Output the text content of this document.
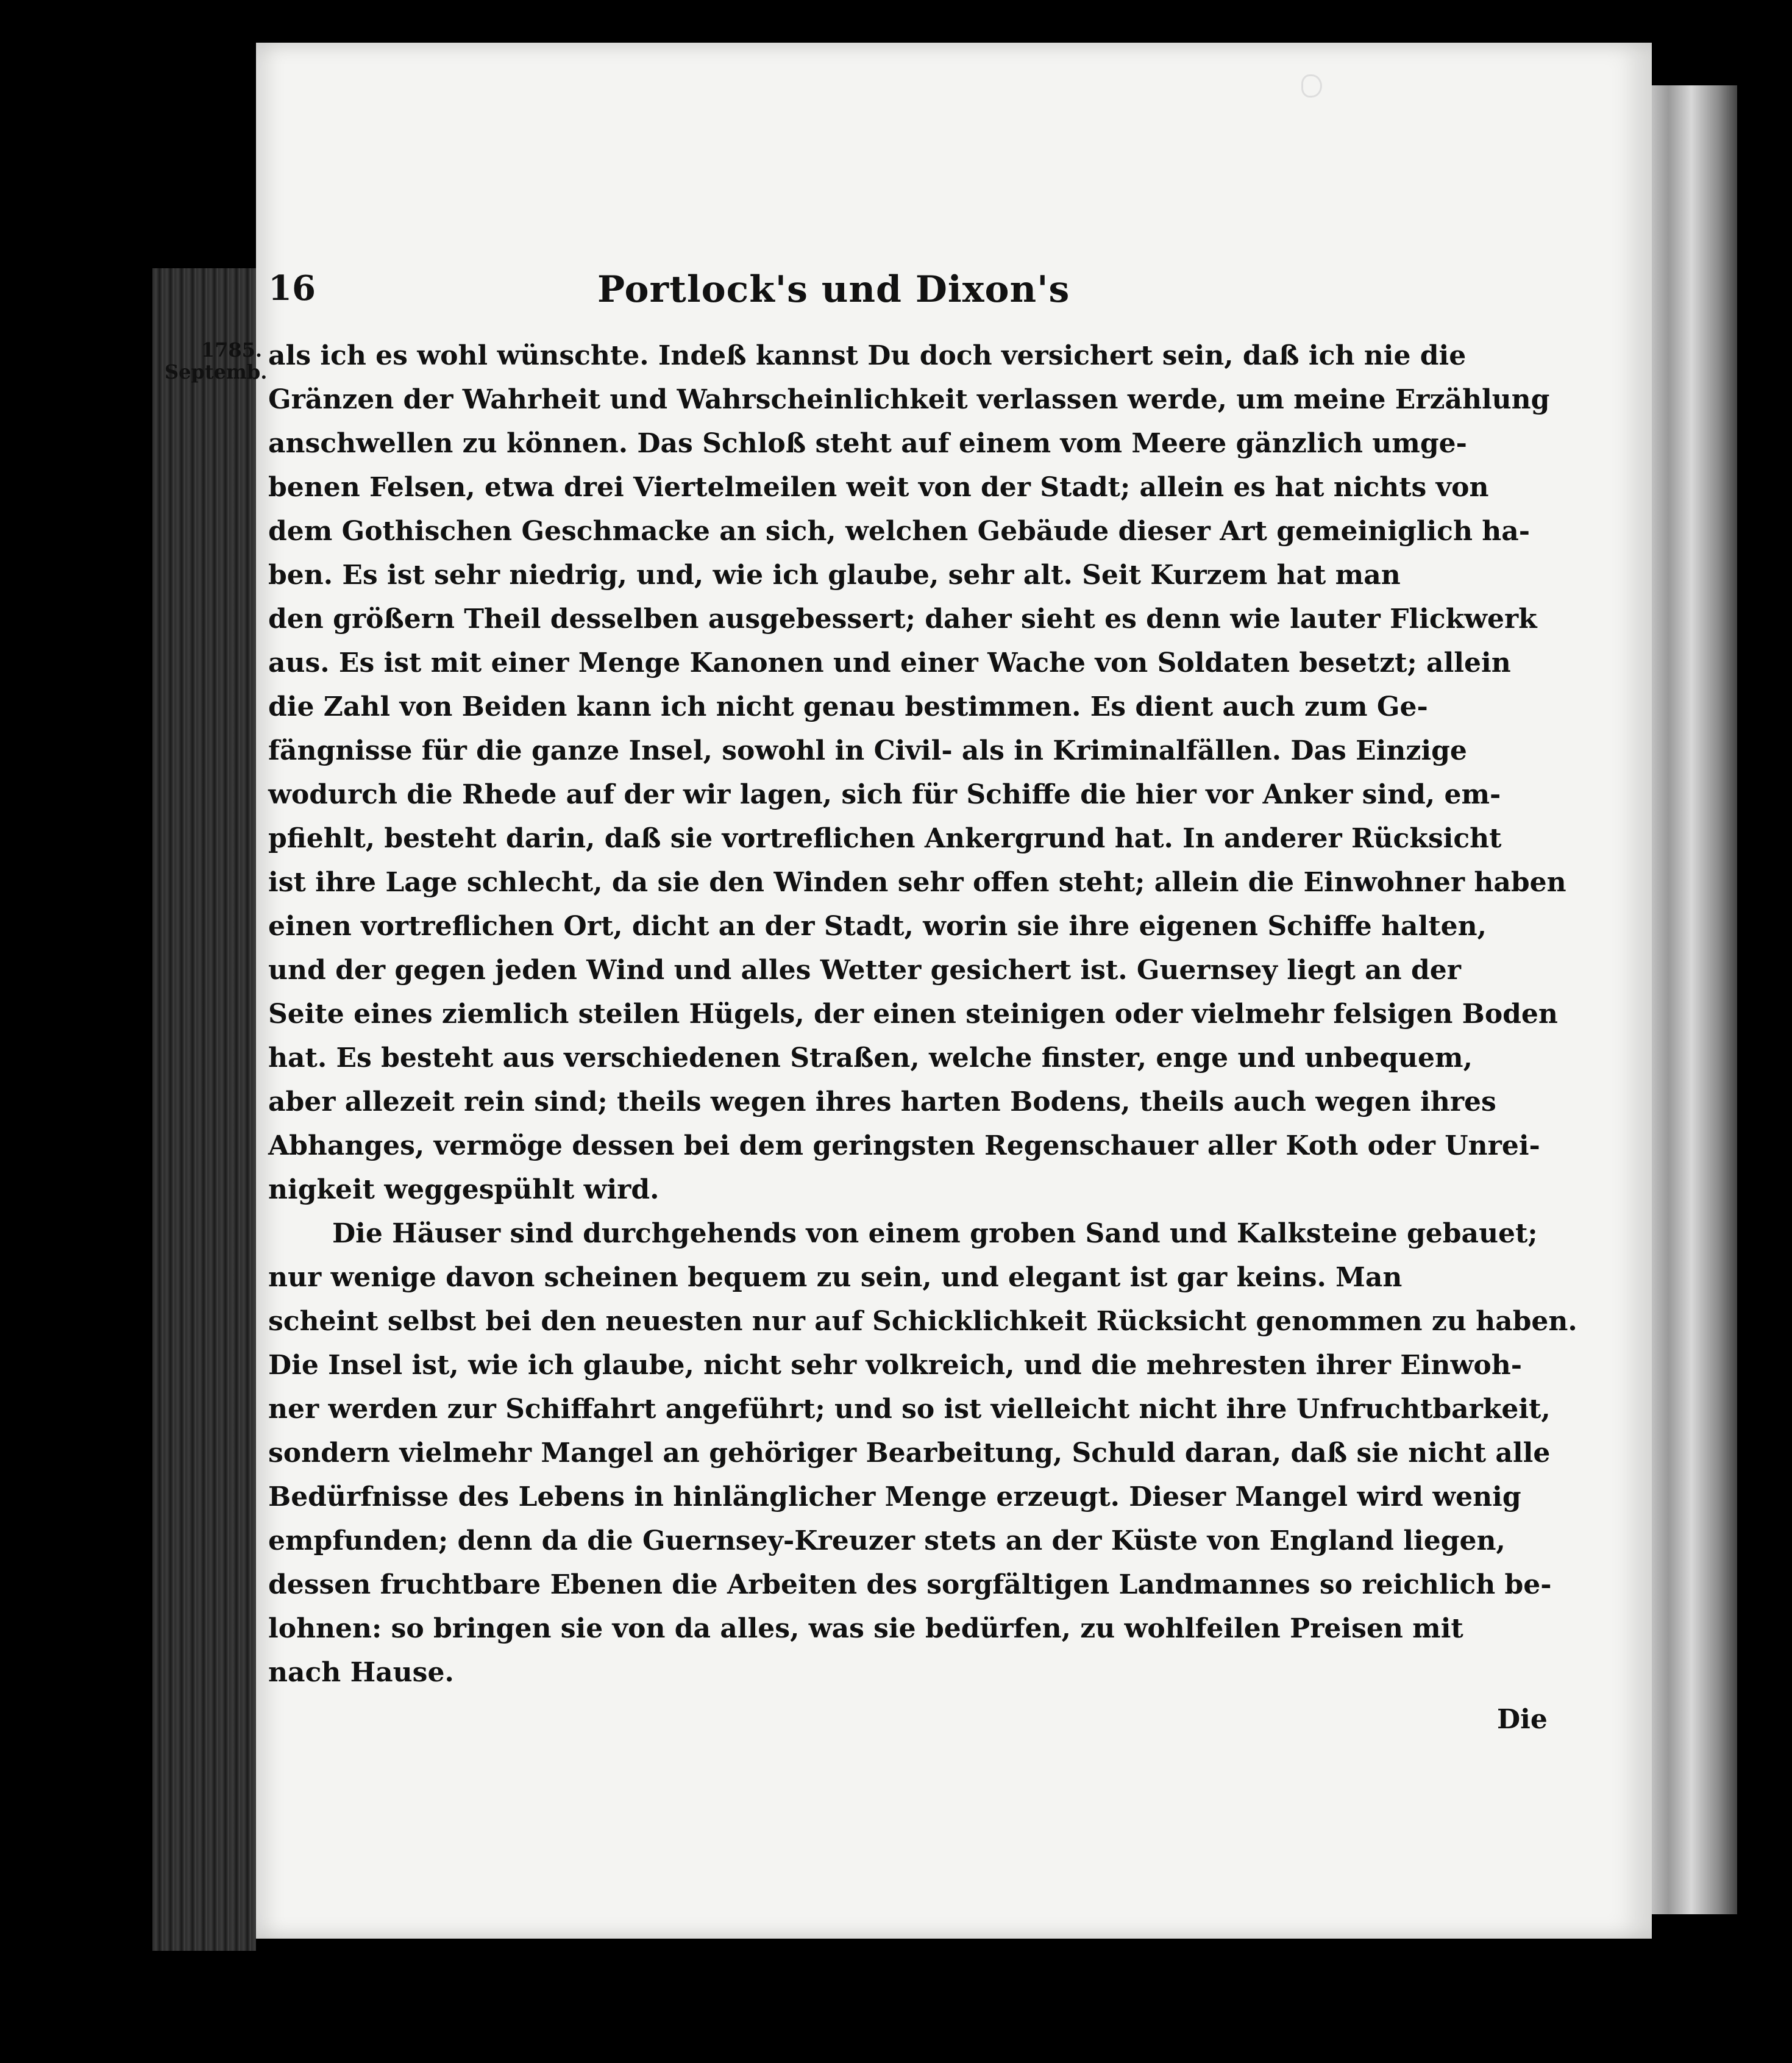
16	Portlock's und Dixon's
1785.
Septemb.
als ich es wohl wünschte. Indeß kannst Du doch versichert sein, daß ich nie die
Gränzen der Wahrheit und Wahrscheinlichkeit verlassen werde, um meine Erzählung
anschwellen zu können. Das Schloß steht auf einem vom Meere gänzlich umge-
benen Felsen, etwa drei Viertelmeilen weit von der Stadt; allein es hat nichts von
dem Gothischen Geschmacke an sich, welchen Gebäude dieser Art gemeiniglich ha-
ben. Es ist sehr niedrig, und, wie ich glaube, sehr alt. Seit Kurzem hat man
den größern Theil desselben ausgebessert; daher sieht es denn wie lauter Flickwerk
aus. Es ist mit einer Menge Kanonen und einer Wache von Soldaten besetzt; allein
die Zahl von Beiden kann ich nicht genau bestimmen. Es dient auch zum Ge-
fängnisse für die ganze Insel, sowohl in Civil- als in Kriminalfällen. Das Einzige
wodurch die Rhede auf der wir lagen, sich für Schiffe die hier vor Anker sind, em-
pfiehlt, besteht darin, daß sie vortreflichen Ankergrund hat. In anderer Rücksicht
ist ihre Lage schlecht, da sie den Winden sehr offen steht; allein die Einwohner haben
einen vortreflichen Ort, dicht an der Stadt, worin sie ihre eigenen Schiffe halten,
und der gegen jeden Wind und alles Wetter gesichert ist. Guernsey liegt an der
Seite eines ziemlich steilen Hügels, der einen steinigen oder vielmehr felsigen Boden
hat. Es besteht aus verschiedenen Straßen, welche finster, enge und unbequem,
aber allezeit rein sind; theils wegen ihres harten Bodens, theils auch wegen ihres
Abhanges, vermöge dessen bei dem geringsten Regenschauer aller Koth oder Unrei-
nigkeit weggespühlt wird.
Die Häuser sind durchgehends von einem groben Sand und Kalksteine gebauet;
nur wenige davon scheinen bequem zu sein, und elegant ist gar keins. Man
scheint selbst bei den neuesten nur auf Schicklichkeit Rücksicht genommen zu haben.
Die Insel ist, wie ich glaube, nicht sehr volkreich, und die mehresten ihrer Einwoh-
ner werden zur Schiffahrt angeführt; und so ist vielleicht nicht ihre Unfruchtbarkeit,
sondern vielmehr Mangel an gehöriger Bearbeitung, Schuld daran, daß sie nicht alle
Bedürfnisse des Lebens in hinlänglicher Menge erzeugt. Dieser Mangel wird wenig
empfunden; denn da die Guernsey-Kreuzer stets an der Küste von England liegen,
dessen fruchtbare Ebenen die Arbeiten des sorgfältigen Landmannes so reichlich be-
lohnen: so bringen sie von da alles, was sie bedürfen, zu wohlfeilen Preisen mit
nach Hause.
Die
